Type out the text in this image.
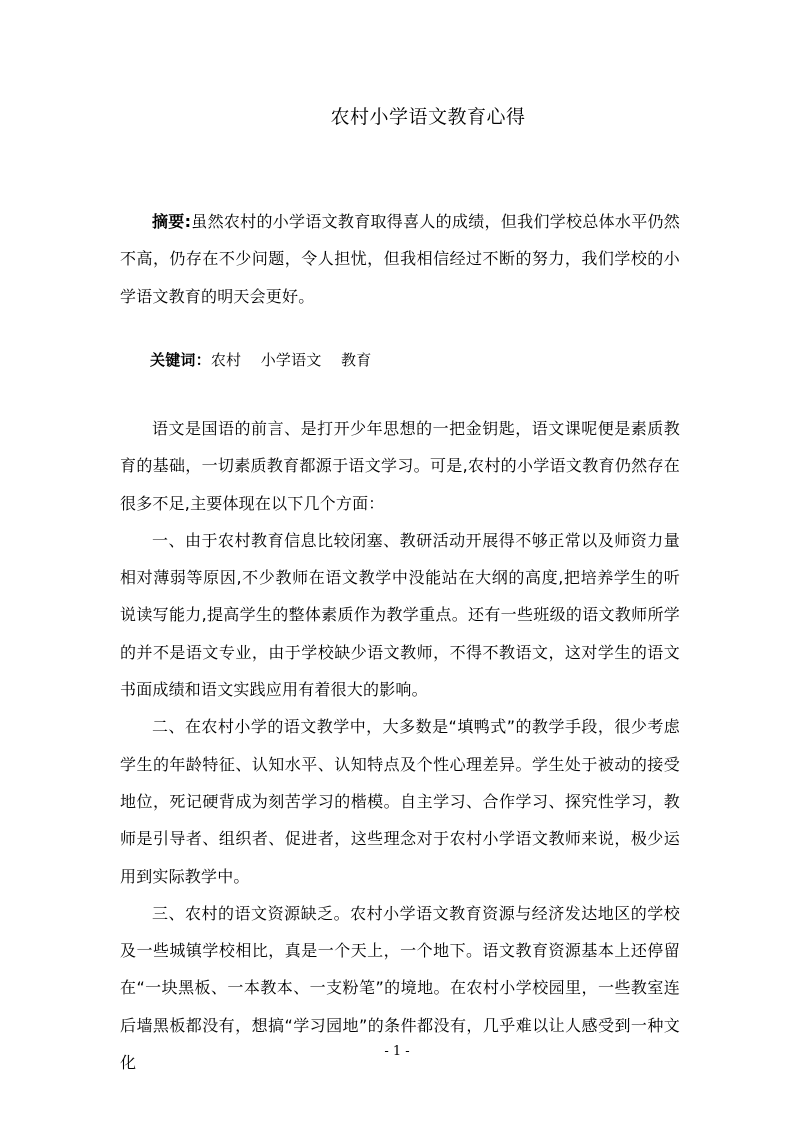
农村小学语文教育心得

摘要:虽然农村的小学语文教育取得喜人的成绩，但我们学校总体水平仍然不高，仍存在不少问题，令人担忧，但我相信经过不断的努力，我们学校的小学语文教育的明天会更好。

关键词：农村 小学语文 教育

语文是国语的前言、是打开少年思想的一把金钥匙，语文课呢便是素质教育的基础，一切素质教育都源于语文学习。可是,农村的小学语文教育仍然存在很多不足,主要体现在以下几个方面：

一、由于农村教育信息比较闭塞、教研活动开展得不够正常以及师资力量相对薄弱等原因,不少教师在语文教学中没能站在大纲的高度,把培养学生的听说读写能力,提高学生的整体素质作为教学重点。还有一些班级的语文教师所学的并不是语文专业，由于学校缺少语文教师，不得不教语文，这对学生的语文书面成绩和语文实践应用有着很大的影响。

二、在农村小学的语文教学中，大多数是“填鸭式”的教学手段，很少考虑学生的年龄特征、认知水平、认知特点及个性心理差异。学生处于被动的接受地位，死记硬背成为刻苦学习的楷模。自主学习、合作学习、探究性学习，教师是引导者、组织者、促进者，这些理念对于农村小学语文教师来说，极少运用到实际教学中。

三、农村的语文资源缺乏。农村小学语文教育资源与经济发达地区的学校及一些城镇学校相比，真是一个天上，一个地下。语文教育资源基本上还停留在“一块黑板、一本教本、一支粉笔”的境地。在农村小学校园里，一些教室连后墙黑板都没有，想搞“学习园地”的条件都没有，几乎难以让人感受到一种文化

- 1 -
